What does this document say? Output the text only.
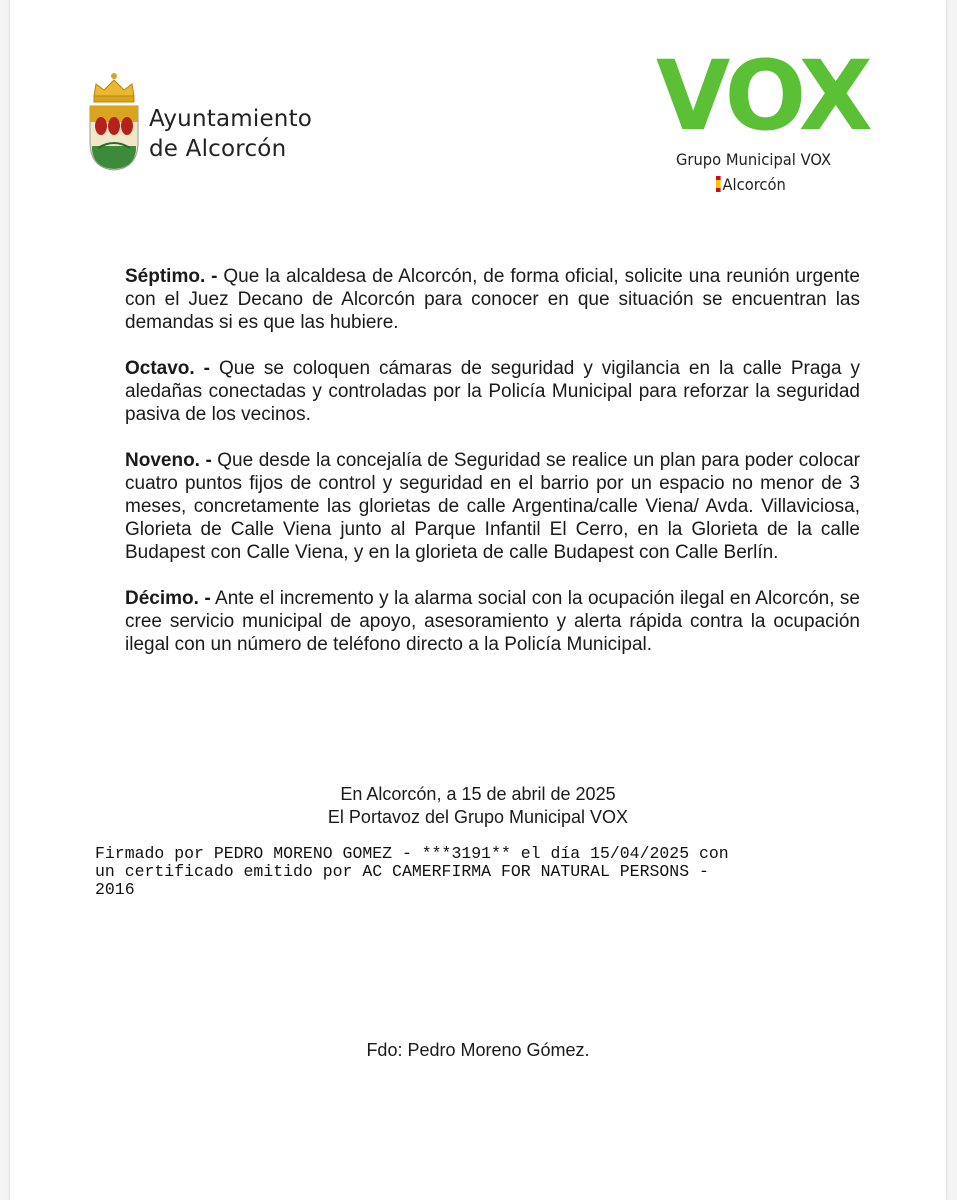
Ayuntamiento
de Alcorcón	VOX
Grupo Municipal VOX
Alcorcón

Séptimo. - Que la alcaldesa de Alcorcón, de forma oficial, solicite una reunión urgente con el Juez Decano de Alcorcón para conocer en que situación se encuentran las demandas si es que las hubiere.

Octavo. - Que se coloquen cámaras de seguridad y vigilancia en la calle Praga y aledañas conectadas y controladas por la Policía Municipal para reforzar la seguridad pasiva de los vecinos.

Noveno. - Que desde la concejalía de Seguridad se realice un plan para poder colocar cuatro puntos fijos de control y seguridad en el barrio por un espacio no menor de 3 meses, concretamente las glorietas de calle Argentina/calle Viena/ Avda. Villaviciosa, Glorieta de Calle Viena junto al Parque Infantil El Cerro, en la Glorieta de la calle Budapest con Calle Viena, y en la glorieta de calle Budapest con Calle Berlín.

Décimo. - Ante el incremento y la alarma social con la ocupación ilegal en Alcorcón, se cree servicio municipal de apoyo, asesoramiento y alerta rápida contra la ocupación ilegal con un número de teléfono directo a la Policía Municipal.

En Alcorcón, a 15 de abril de 2025
El Portavoz del Grupo Municipal VOX
Firmado por PEDRO MORENO GOMEZ - ***3191** el día 15/04/2025 con
un certificado emitido por AC CAMERFIRMA FOR NATURAL PERSONS -
2016
Fdo: Pedro Moreno Gómez.
